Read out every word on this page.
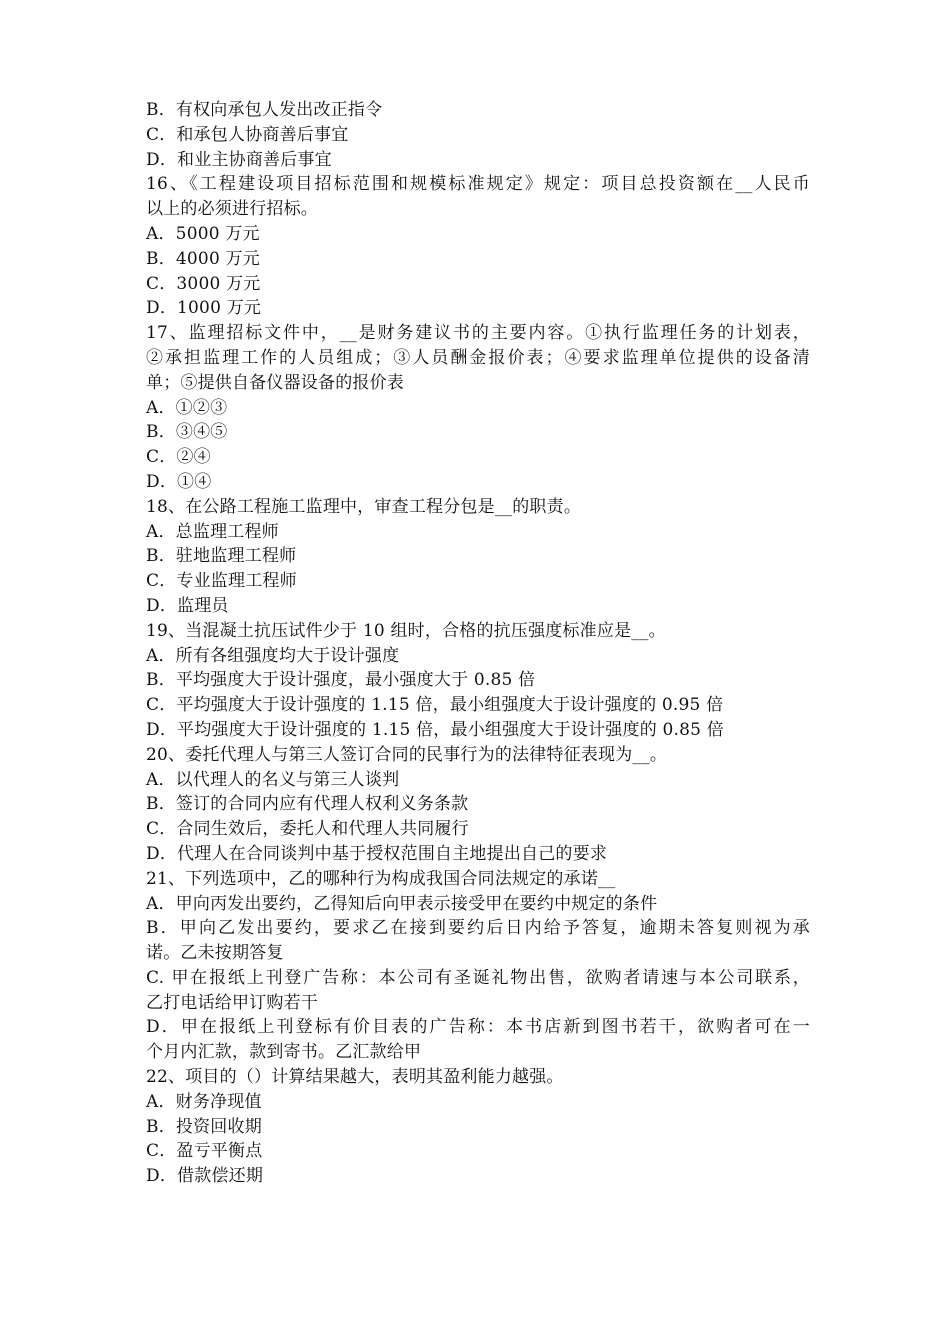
B．有权向承包人发出改正指令
C．和承包人协商善后事宜
D．和业主协商善后事宜
16、《工程建设项目招标范围和规模标准规定》规定：项目总投资额在__人民币
以上的必须进行招标。
A．5000 万元
B．4000 万元
C．3000 万元
D．1000 万元
17、监理招标文件中，__是财务建议书的主要内容。①执行监理任务的计划表，
②承担监理工作的人员组成；③人员酬金报价表；④要求监理单位提供的设备清
单；⑤提供自备仪器设备的报价表
A．①②③
B．③④⑤
C．②④
D．①④
18、在公路工程施工监理中，审查工程分包是__的职责。
A．总监理工程师
B．驻地监理工程师
C．专业监理工程师
D．监理员
19、当混凝土抗压试件少于 10 组时，合格的抗压强度标准应是__。
A．所有各组强度均大于设计强度
B．平均强度大于设计强度，最小强度大于 0.85 倍
C．平均强度大于设计强度的 1.15 倍，最小组强度大于设计强度的 0.95 倍
D．平均强度大于设计强度的 1.15 倍，最小组强度大于设计强度的 0.85 倍
20、委托代理人与第三人签订合同的民事行为的法律特征表现为__。
A．以代理人的名义与第三人谈判
B．签订的合同内应有代理人权利义务条款
C．合同生效后，委托人和代理人共同履行
D．代理人在合同谈判中基于授权范围自主地提出自己的要求
21、下列选项中，乙的哪种行为构成我国合同法规定的承诺__
A．甲向丙发出要约，乙得知后向甲表示接受甲在要约中规定的条件
B．甲向乙发出要约，要求乙在接到要约后日内给予答复，逾期未答复则视为承
诺。乙未按期答复
C. 甲在报纸上刊登广告称：本公司有圣诞礼物出售，欲购者请速与本公司联系，
乙打电话给甲订购若干
D．甲在报纸上刊登标有价目表的广告称：本书店新到图书若干，欲购者可在一
个月内汇款，款到寄书。乙汇款给甲
22、项目的（）计算结果越大，表明其盈利能力越强。
A．财务净现值
B．投资回收期
C．盈亏平衡点
D．借款偿还期
